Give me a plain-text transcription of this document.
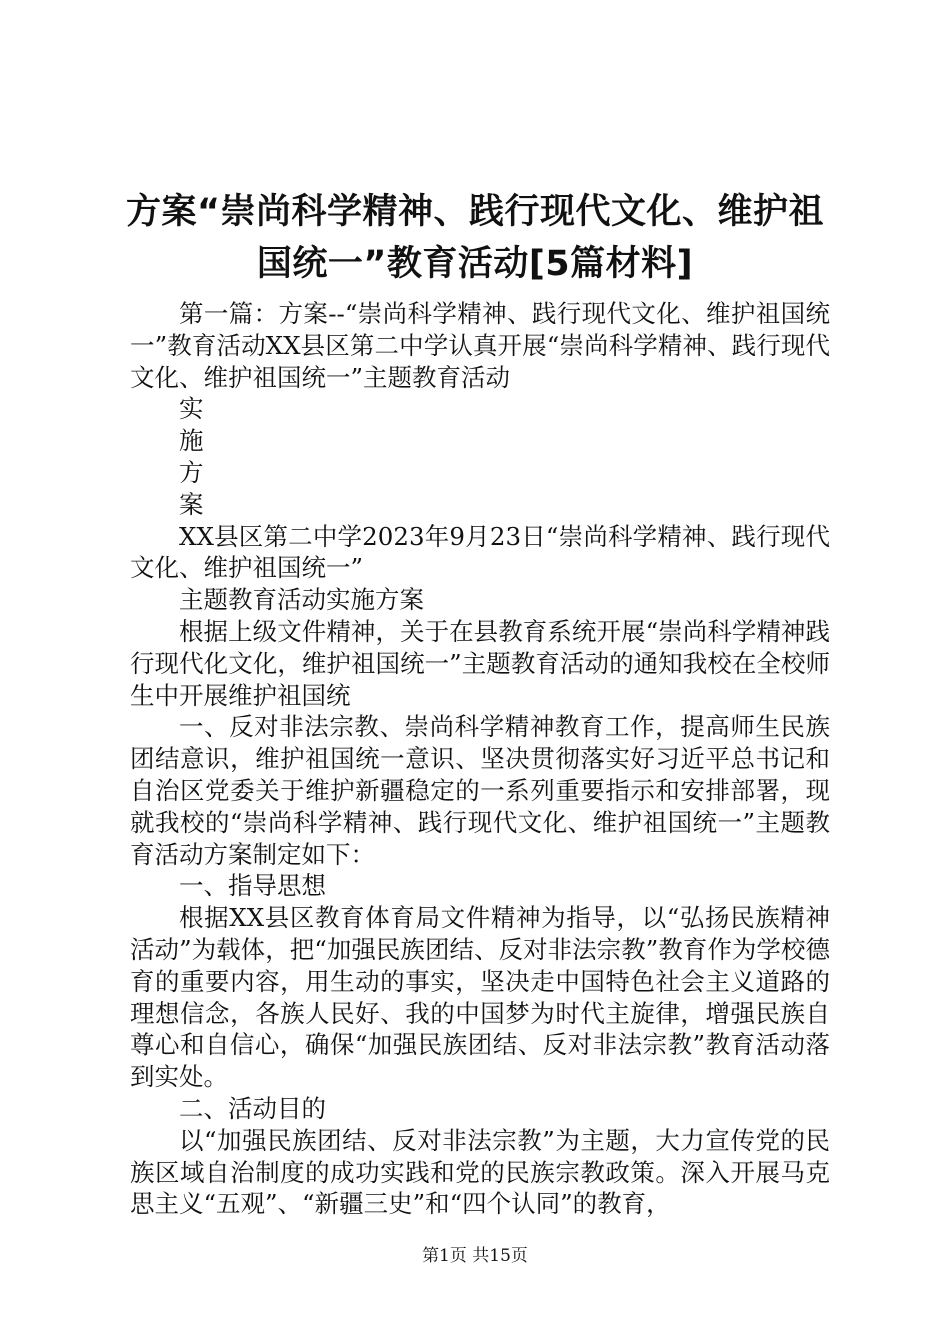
方案“崇尚科学精神、践行现代文化、维护祖
国统一”教育活动[5篇材料]

第一篇：方案--“崇尚科学精神、践行现代文化、维护祖国统一”教育活动XX县区第二中学认真开展“崇尚科学精神、践行现代文化、维护祖国统一”主题教育活动

实

施

方

案

XX县区第二中学2023年9月23日“崇尚科学精神、践行现代文化、维护祖国统一”

主题教育活动实施方案

根据上级文件精神，关于在县教育系统开展“崇尚科学精神践行现代化文化，维护祖国统一”主题教育活动的通知我校在全校师生中开展维护祖国统

一、反对非法宗教、崇尚科学精神教育工作，提高师生民族团结意识，维护祖国统一意识、坚决贯彻落实好习近平总书记和自治区党委关于维护新疆稳定的一系列重要指示和安排部署，现就我校的“崇尚科学精神、践行现代文化、维护祖国统一”主题教育活动方案制定如下：

一、指导思想

根据XX县区教育体育局文件精神为指导，以“弘扬民族精神活动”为载体，把“加强民族团结、反对非法宗教”教育作为学校德育的重要内容，用生动的事实，坚决走中国特色社会主义道路的理想信念，各族人民好、我的中国梦为时代主旋律，增强民族自尊心和自信心，确保“加强民族团结、反对非法宗教”教育活动落到实处。

二、活动目的

以“加强民族团结、反对非法宗教”为主题，大力宣传党的民族区域自治制度的成功实践和党的民族宗教政策。深入开展马克思主义“五观”、“新疆三史”和“四个认同”的教育，

第1页 共15页
